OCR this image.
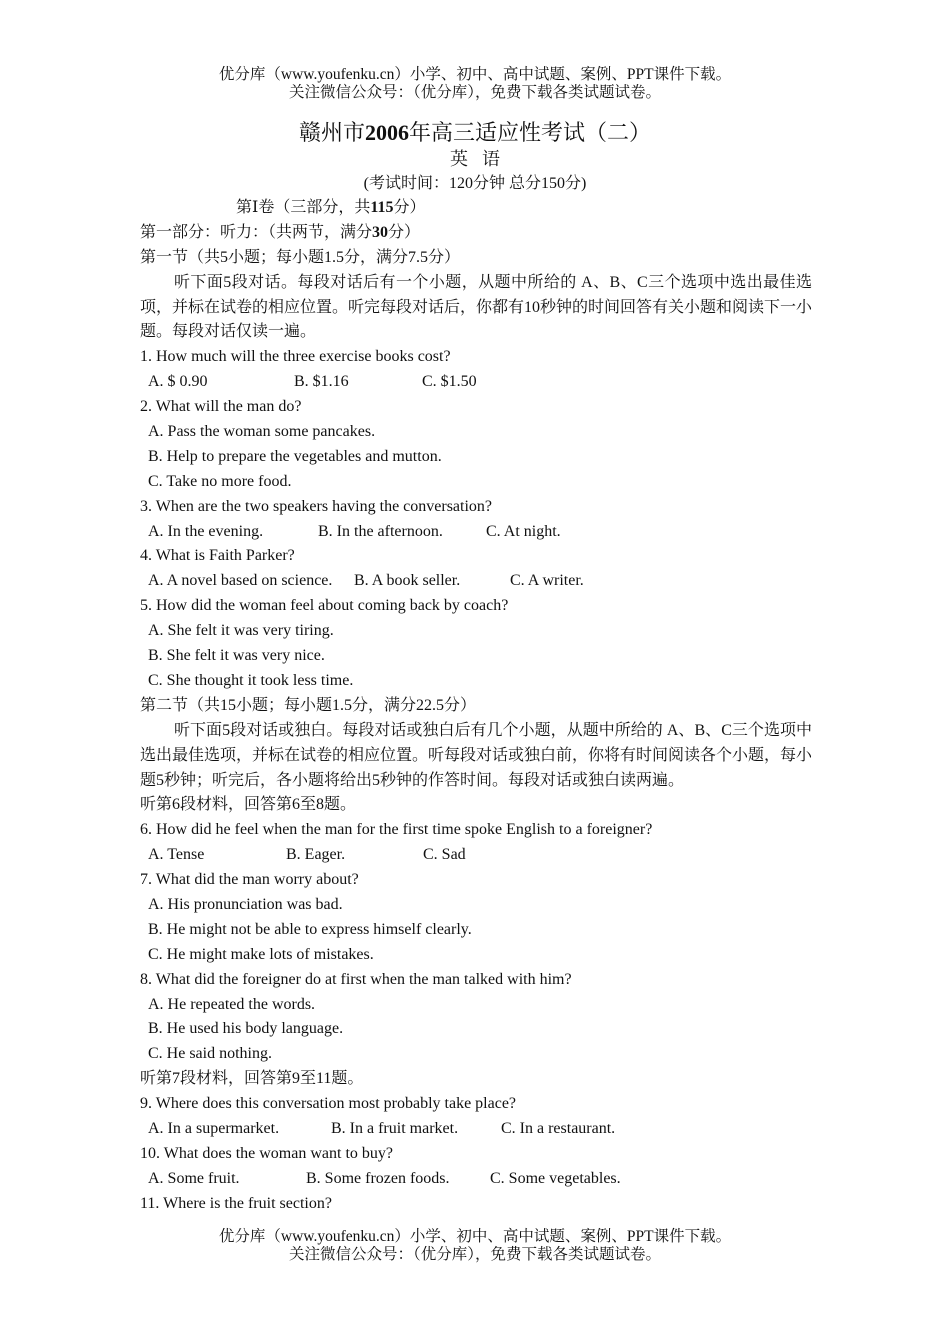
优分库（www.youfenku.cn）小学、初中、高中试题、案例、PPT课件下载。
关注微信公众号：（优分库），免费下载各类试题试卷。
赣州市2006年高三适应性考试（二）
英语
(考试时间：120分钟 总分150分)
第Ⅰ卷（三部分，共115分）
第一部分：听力：（共两节，满分30分）
第一节（共5小题；每小题1.5分，满分7.5分）
听下面5段对话。每段对话后有一个小题，从题中所给的 A、B、C三个选项中选出最佳选项，并标在试卷的相应位置。听完每段对话后，你都有10秒钟的时间回答有关小题和阅读下一小题。每段对话仅读一遍。
1. How much will the three exercise books cost?
A. $ 0.90	B. $1.16	C. $1.50
2. What will the man do?
A. Pass the woman some pancakes.
B. Help to prepare the vegetables and mutton.
C. Take no more food.
3. When are the two speakers having the conversation?
A. In the evening.	B. In the afternoon.	C. At night.
4. What is Faith Parker?
A. A novel based on science.	B. A book seller.	C. A writer.
5. How did the woman feel about coming back by coach?
A. She felt it was very tiring.
B. She felt it was very nice.
C. She thought it took less time.
第二节（共15小题；每小题1.5分，满分22.5分）
听下面5段对话或独白。每段对话或独白后有几个小题，从题中所给的 A、B、C三个选项中选出最佳选项，并标在试卷的相应位置。听每段对话或独白前，你将有时间阅读各个小题，每小题5秒钟；听完后，各小题将给出5秒钟的作答时间。每段对话或独白读两遍。
听第6段材料，回答第6至8题。
6. How did he feel when the man for the first time spoke English to a foreigner?
A. Tense	B. Eager.	C. Sad
7. What did the man worry about?
A. His pronunciation was bad.
B. He might not be able to express himself clearly.
C. He might make lots of mistakes.
8. What did the foreigner do at first when the man talked with him?
A. He repeated the words.
B. He used his body language.
C. He said nothing.
听第7段材料，回答第9至11题。
9. Where does this conversation most probably take place?
A. In a supermarket.	B. In a fruit market.	C. In a restaurant.
10. What does the woman want to buy?
A. Some fruit.	B. Some frozen foods.	C. Some vegetables.
11. Where is the fruit section?
优分库（www.youfenku.cn）小学、初中、高中试题、案例、PPT课件下载。
关注微信公众号：（优分库），免费下载各类试题试卷。
